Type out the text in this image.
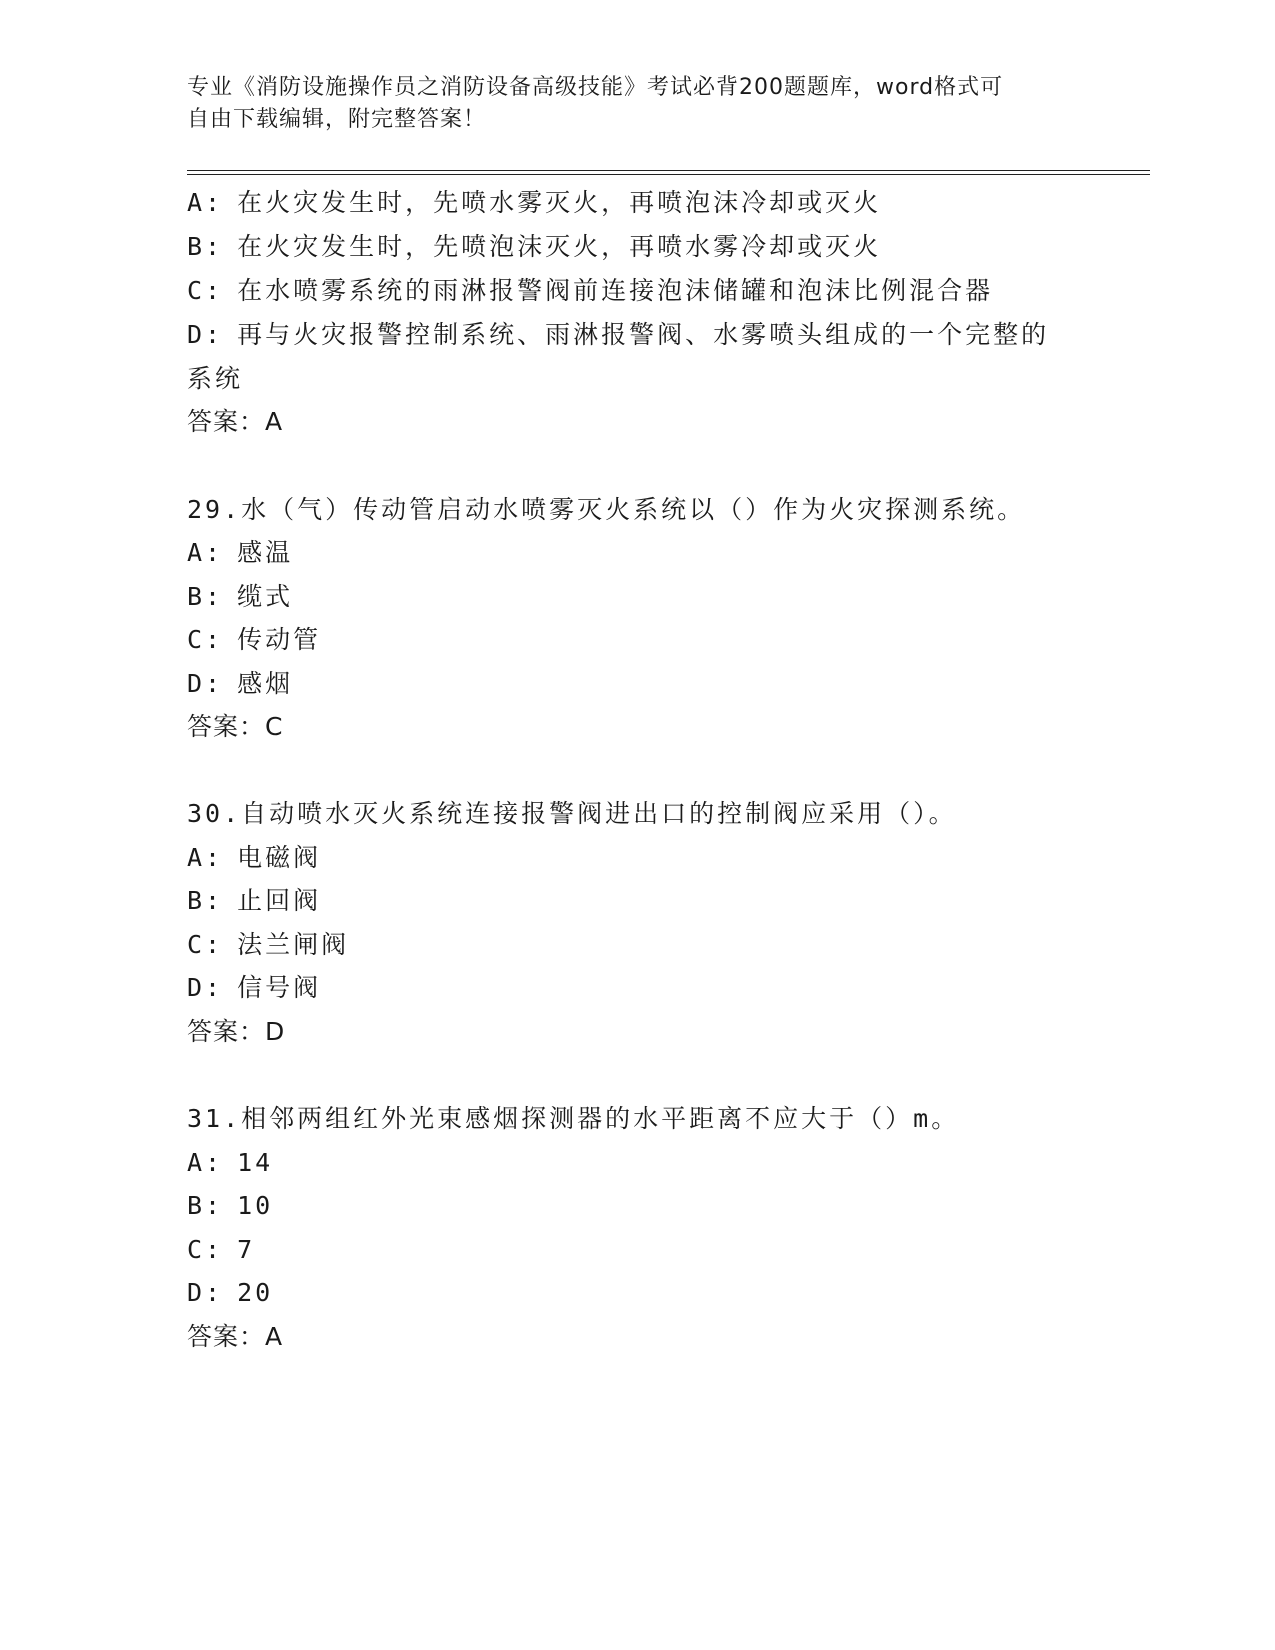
专业《消防设施操作员之消防设备高级技能》考试必背200题题库，word格式可
自由下载编辑，附完整答案！
A: 在火灾发生时，先喷水雾灭火，再喷泡沫冷却或灭火
B: 在火灾发生时，先喷泡沫灭火，再喷水雾冷却或灭火
C: 在水喷雾系统的雨淋报警阀前连接泡沫储罐和泡沫比例混合器
D: 再与火灾报警控制系统、雨淋报警阀、水雾喷头组成的一个完整的
系统
答案：A
29.水（气）传动管启动水喷雾灭火系统以（）作为火灾探测系统。
A: 感温
B: 缆式
C: 传动管
D: 感烟
答案：C
30.自动喷水灭火系统连接报警阀进出口的控制阀应采用（）。
A: 电磁阀
B: 止回阀
C: 法兰闸阀
D: 信号阀
答案：D
31.相邻两组红外光束感烟探测器的水平距离不应大于（）m。
A: 14
B: 10
C: 7
D: 20
答案：A
